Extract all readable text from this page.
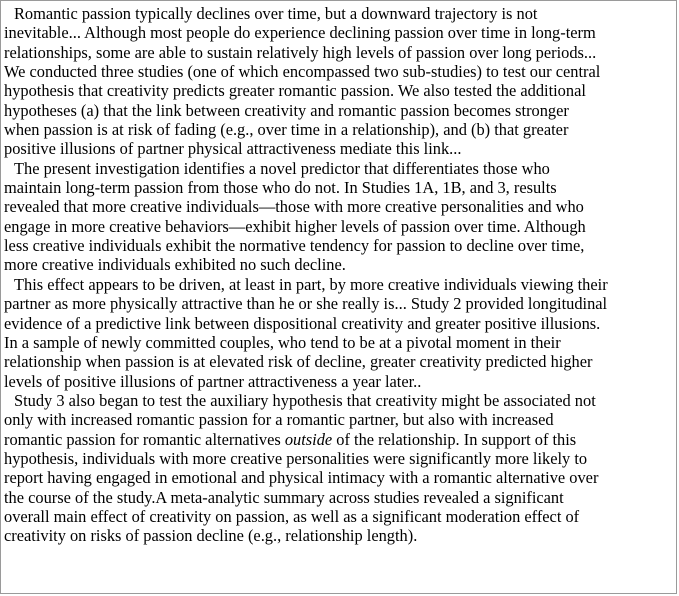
Romantic passion typically declines over time, but a downward trajectory is not
inevitable... Although most people do experience declining passion over time in long-term
relationships, some are able to sustain relatively high levels of passion over long periods...
We conducted three studies (one of which encompassed two sub-studies) to test our central
hypothesis that creativity predicts greater romantic passion. We also tested the additional
hypotheses (a) that the link between creativity and romantic passion becomes stronger
when passion is at risk of fading (e.g., over time in a relationship), and (b) that greater
positive illusions of partner physical attractiveness mediate this link...

The present investigation identifies a novel predictor that differentiates those who
maintain long-term passion from those who do not. In Studies 1A, 1B, and 3, results
revealed that more creative individuals—those with more creative personalities and who
engage in more creative behaviors—exhibit higher levels of passion over time. Although
less creative individuals exhibit the normative tendency for passion to decline over time,
more creative individuals exhibited no such decline.

This effect appears to be driven, at least in part, by more creative individuals viewing their
partner as more physically attractive than he or she really is... Study 2 provided longitudinal
evidence of a predictive link between dispositional creativity and greater positive illusions.
In a sample of newly committed couples, who tend to be at a pivotal moment in their
relationship when passion is at elevated risk of decline, greater creativity predicted higher
levels of positive illusions of partner attractiveness a year later..

Study 3 also began to test the auxiliary hypothesis that creativity might be associated not
only with increased romantic passion for a romantic partner, but also with increased
romantic passion for romantic alternatives outside of the relationship. In support of this
hypothesis, individuals with more creative personalities were significantly more likely to
report having engaged in emotional and physical intimacy with a romantic alternative over
the course of the study.A meta-analytic summary across studies revealed a significant
overall main effect of creativity on passion, as well as a significant moderation effect of
creativity on risks of passion decline (e.g., relationship length).
